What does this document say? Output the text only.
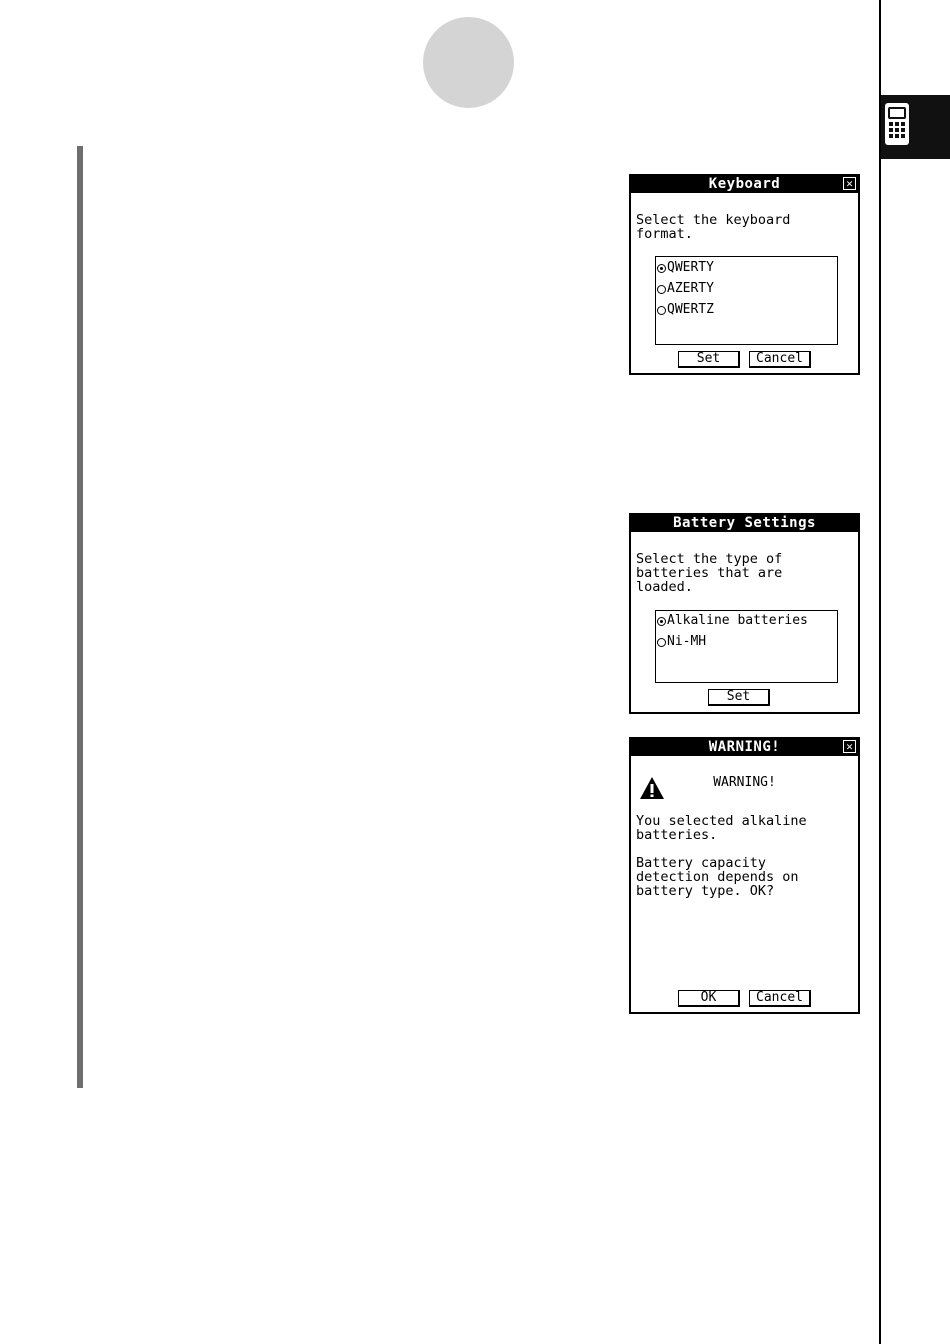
Keyboard	✕
Select the keyboard
format.
QWERTY
AZERTY
QWERTZ
Set	Cancel
Battery Settings
Select the type of
batteries that are
loaded.
Alkaline batteries
Ni-MH
Set
WARNING!	✕
WARNING!
You selected alkaline
batteries.

Battery capacity
detection depends on
battery type. OK?
OK	Cancel
